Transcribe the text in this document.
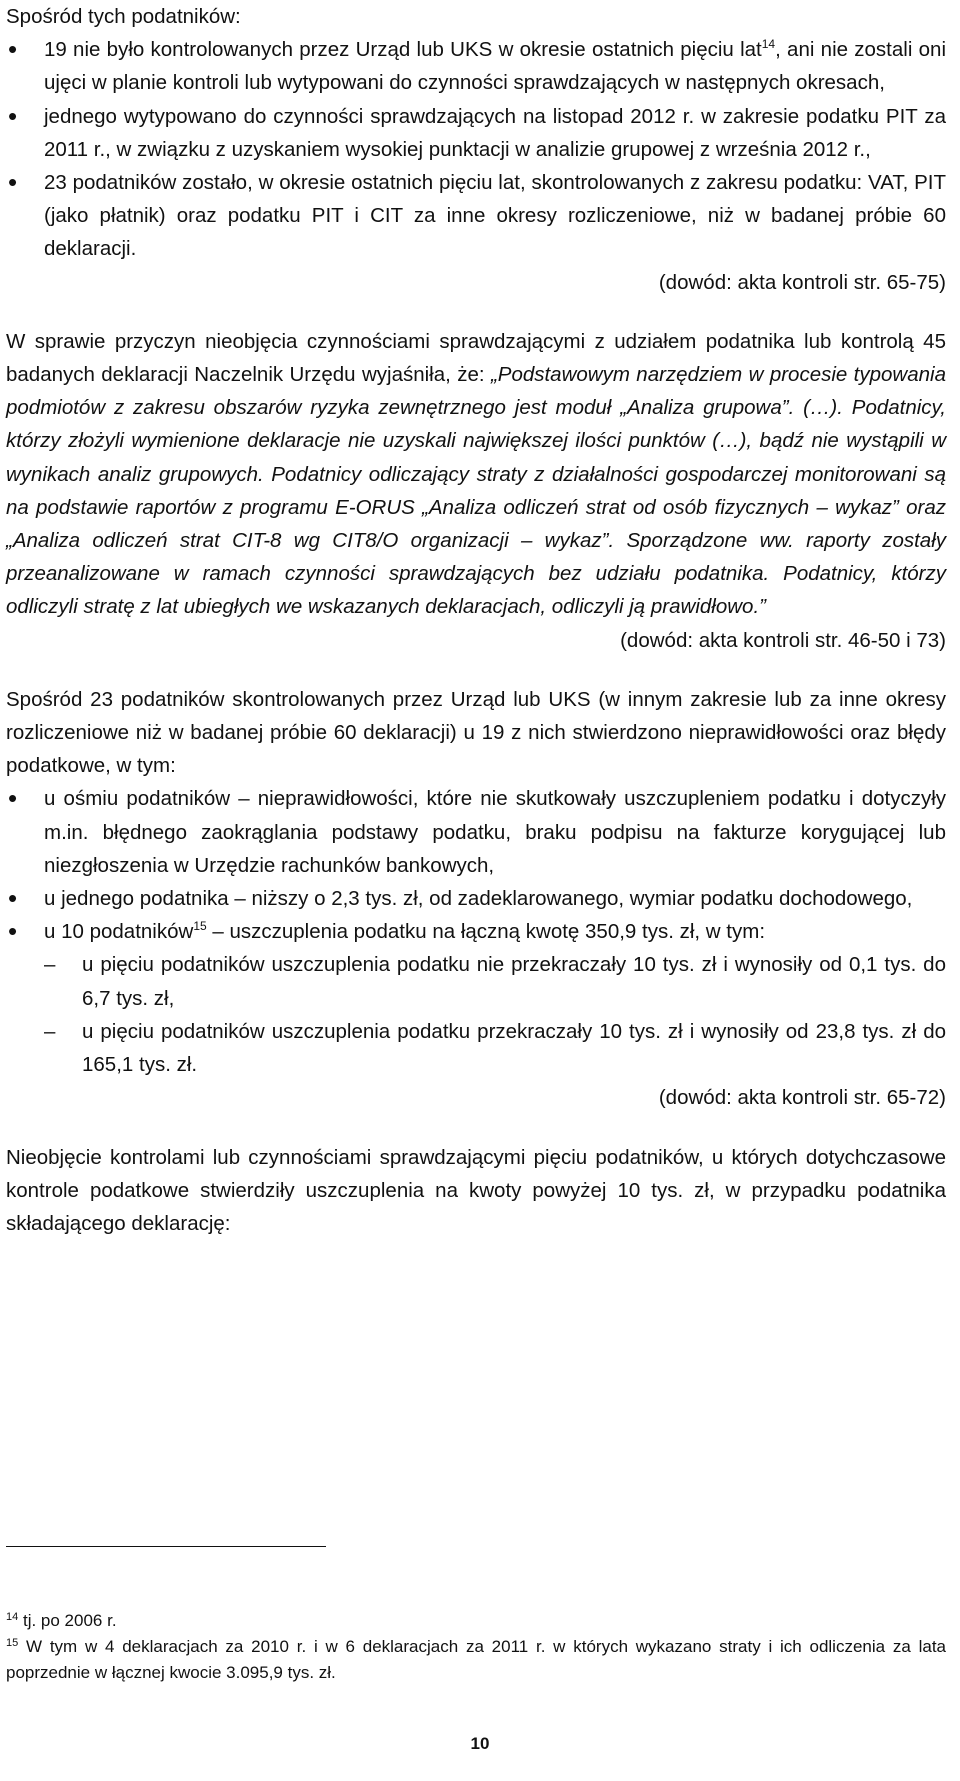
Spośród tych podatników:

• 19 nie było kontrolowanych przez Urząd lub UKS w okresie ostatnich pięciu lat$^{14}$, ani nie zostali oni ujęci w planie kontroli lub wytypowani do czynności sprawdzających w następnych okresach,
• jednego wytypowano do czynności sprawdzających na listopad 2012 r. w zakresie podatku PIT za 2011 r., w związku z uzyskaniem wysokiej punktacji w analizie grupowej z września 2012 r.,
• 23 podatników zostało, w okresie ostatnich pięciu lat, skontrolowanych z zakresu podatku: VAT, PIT (jako płatnik) oraz podatku PIT i CIT za inne okresy rozliczeniowe, niż w badanej próbie 60 deklaracji.

(dowód: akta kontroli str. 65-75)

W sprawie przyczyn nieobjęcia czynnościami sprawdzającymi z udziałem podatnika lub kontrolą 45 badanych deklaracji Naczelnik Urzędu wyjaśniła, że: „Podstawowym narzędziem w procesie typowania podmiotów z zakresu obszarów ryzyka zewnętrznego jest moduł „Analiza grupowa”. (…). Podatnicy, którzy złożyli wymienione deklaracje nie uzyskali największej ilości punktów (…), bądź nie wystąpili w wynikach analiz grupowych. Podatnicy odliczający straty z działalności gospodarczej monitorowani są na podstawie raportów z programu E-ORUS „Analiza odliczeń strat od osób fizycznych – wykaz” oraz „Analiza odliczeń strat CIT-8 wg CIT8/O organizacji – wykaz”. Sporządzone ww. raporty zostały przeanalizowane w ramach czynności sprawdzających bez udziału podatnika. Podatnicy, którzy odliczyli stratę z lat ubiegłych we wskazanych deklaracjach, odliczyli ją prawidłowo.”

(dowód: akta kontroli str. 46-50 i 73)

Spośród 23 podatników skontrolowanych przez Urząd lub UKS (w innym zakresie lub za inne okresy rozliczeniowe niż w badanej próbie 60 deklaracji) u 19 z nich stwierdzono nieprawidłowości oraz błędy podatkowe, w tym:

• u ośmiu podatników – nieprawidłowości, które nie skutkowały uszczupleniem podatku i dotyczyły m.in. błędnego zaokrąglania podstawy podatku, braku podpisu na fakturze korygującej lub niezgłoszenia w Urzędzie rachunków bankowych,
• u jednego podatnika – niższy o 2,3 tys. zł, od zadeklarowanego, wymiar podatku dochodowego,
• u 10 podatników$^{15}$ – uszczuplenia podatku na łączną kwotę 350,9 tys. zł, w tym:
– u pięciu podatników uszczuplenia podatku nie przekraczały 10 tys. zł i wynosiły od 0,1 tys. do 6,7 tys. zł,
– u pięciu podatników uszczuplenia podatku przekraczały 10 tys. zł i wynosiły od 23,8 tys. zł do 165,1 tys. zł.

(dowód: akta kontroli str. 65-72)

Nieobjęcie kontrolami lub czynnościami sprawdzającymi pięciu podatników, u których dotychczasowe kontrole podatkowe stwierdziły uszczuplenia na kwoty powyżej 10 tys. zł, w przypadku podatnika składającego deklarację:

$^{14}$ tj. po 2006 r.

$^{15}$ W tym w 4 deklaracjach za 2010 r. i w 6 deklaracjach za 2011 r. w których wykazano straty i ich odliczenia za lata poprzednie w łącznej kwocie 3.095,9 tys. zł.

10
